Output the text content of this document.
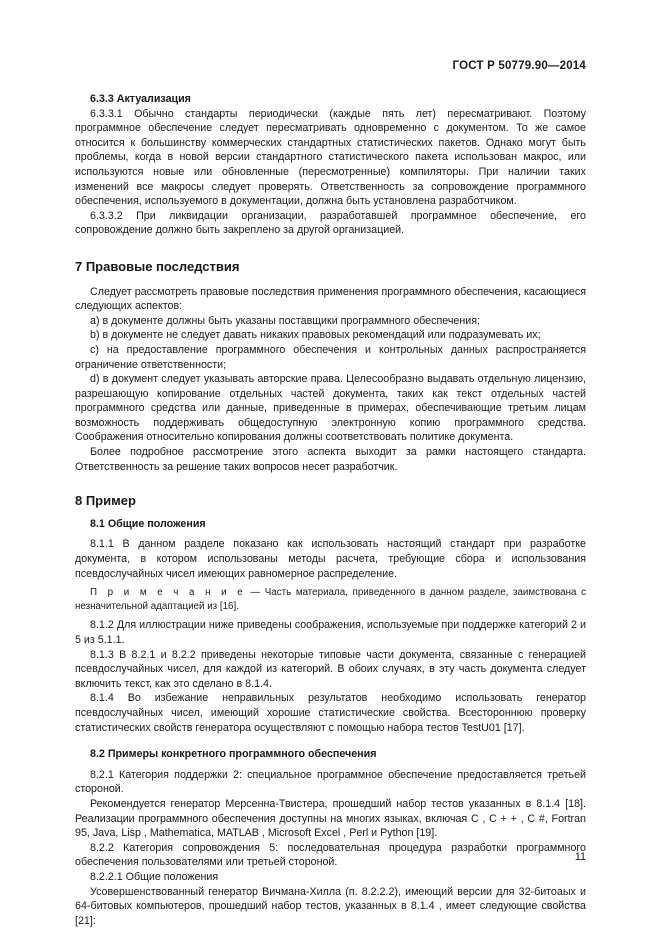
ГОСТ Р 50779.90—2014

6.3.3 Актуализация

6.3.3.1 Обычно стандарты периодически (каждые пять лет) пересматривают. Поэтому программное обеспечение следует пересматривать одновременно с документом. То же самое относится к большинству коммерческих стандартных статистических пакетов. Однако могут быть проблемы, когда в новой версии стандартного статистического пакета использован макрос, или используются новые или обновленные (пересмотренные) компиляторы. При наличии таких изменений все макросы следует проверять. Ответственность за сопровождение программного обеспечения, используемого в документации, должна быть установлена разработчиком.

6.3.3.2 При ликвидации организации, разработавшей программное обеспечение, его сопровождение должно быть закреплено за другой организацией.

7 Правовые последствия

Следует рассмотреть правовые последствия применения программного обеспечения, касающиеся следующих аспектов:

а) в документе должны быть указаны поставщики программного обеспечения;

b) в документе не следует давать никаких правовых рекомендаций или подразумевать их;

c) на предоставление программного обеспечения и контрольных данных распространяется ограничение ответственности;

d) в документ следует указывать авторские права. Целесообразно выдавать отдельную лицензию, разрешающую копирование отдельных частей документа, таких как текст отдельных частей программного средства или данные, приведенные в примерах, обеспечивающие третьим лицам возможность поддерживать общедоступную электронную копию программного средства. Соображения относительно копирования должны соответствовать политике документа.

Более подробное рассмотрение этого аспекта выходит за рамки настоящего стандарта. Ответственность за решение таких вопросов несет разработчик.

8 Пример

8.1 Общие положения

8.1.1 В данном разделе показано как использовать настоящий стандарт при разработке документа, в котором использованы методы расчета, требующие сбора и использования псевдослучайных чисел имеющих равномерное распределение.

П р и м е ч а н и е — Часть материала, приведенного в данном разделе, заимствована с незначительной адаптацией из [16].

8.1.2 Для иллюстрации ниже приведены соображения, используемые при поддержке категорий 2 и 5 из 5.1.1.

8.1.3 В 8.2.1 и 8.2.2 приведены некоторые типовые части документа, связанные с генерацией псевдослучайных чисел, для каждой из категорий. В обоих случаях, в эту часть документа следует включить текст, как это сделано в 8.1.4.

8.1.4 Во избежание неправильных результатов необходимо использовать генератор псевдослучайных чисел, имеющий хорошие статистические свойства. Всестороннюю проверку статистических свойств генератора осуществляют с помощью набора тестов TestU01 [17].

8.2 Примеры конкретного программного обеспечения

8.2.1 Категория поддержки 2: специальное программное обеспечение предоставляется третьей стороной.

Рекомендуется генератор Мерсенна-Твистера, прошедший набор тестов указанных в 8.1.4 [18]. Реализации программного обеспечения доступны на многих языках, включая C , C + + , C #, Fortran 95, Java, Lisp , Mathematica, MATLAB , Microsoft Excel , Perl и Python [19].

8.2.2 Категория сопровождения 5: последовательная процедура разработки программного обеспечения пользователями или третьей стороной.

8.2.2.1 Общие положения

Усовершенствованный генератор Вичмана-Хилла (п. 8.2.2.2), имеющий версии для 32-битоаых и 64-битовых компьютеров, прошедший набор тестов, указанных в 8.1.4 , имеет следующие свойства [21]:

11
